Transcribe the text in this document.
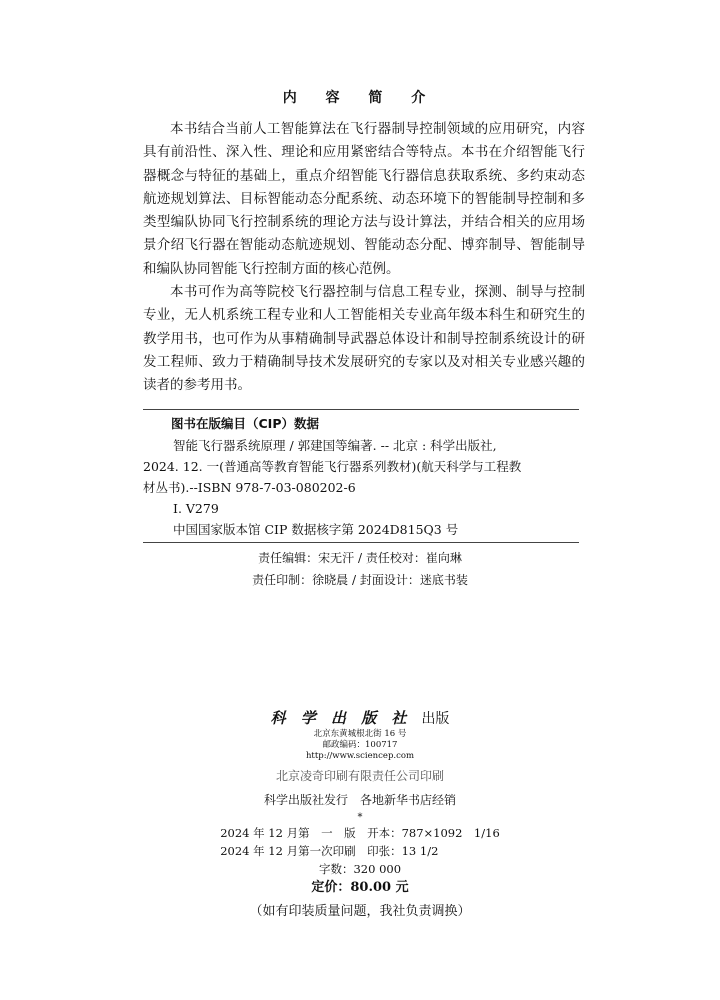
内 容 简 介

本书结合当前人工智能算法在飞行器制导控制领域的应用研究，内容具有前沿性、深入性、理论和应用紧密结合等特点。本书在介绍智能飞行器概念与特征的基础上，重点介绍智能飞行器信息获取系统、多约束动态航迹规划算法、目标智能动态分配系统、动态环境下的智能制导控制和多类型编队协同飞行控制系统的理论方法与设计算法，并结合相关的应用场景介绍飞行器在智能动态航迹规划、智能动态分配、博弈制导、智能制导和编队协同智能飞行控制方面的核心范例。

本书可作为高等院校飞行器控制与信息工程专业，探测、制导与控制专业，无人机系统工程专业和人工智能相关专业高年级本科生和研究生的教学用书，也可作为从事精确制导武器总体设计和制导控制系统设计的研发工程师、致力于精确制导技术发展研究的专家以及对相关专业感兴趣的读者的参考用书。

图书在版编目（CIP）数据
智能飞行器系统原理 / 郭建国等编著. -- 北京 : 科学出版社,
2024. 12. 一(普通高等教育智能飞行器系列教材)(航天科学与工程教
材丛书).--ISBN 978-7-03-080202-6
Ⅰ. V279
中国国家版本馆 CIP 数据核字第 2024D815Q3 号
责任编辑：宋无汗 / 责任校对：崔向琳
责任印制：徐晓晨 / 封面设计：迷底书装
科 学 出 版 社 出版
北京东黄城根北街 16 号
邮政编码：100717
http://www.sciencep.com
北京凌奇印刷有限责任公司印刷
科学出版社发行　各地新华书店经销
*
2024 年 12 月第　一　版　开本：787×1092　1/16
2024 年 12 月第一次印刷　印张：13 1/2
字数：320 000
定价：80.00 元
（如有印装质量问题，我社负责调换）
